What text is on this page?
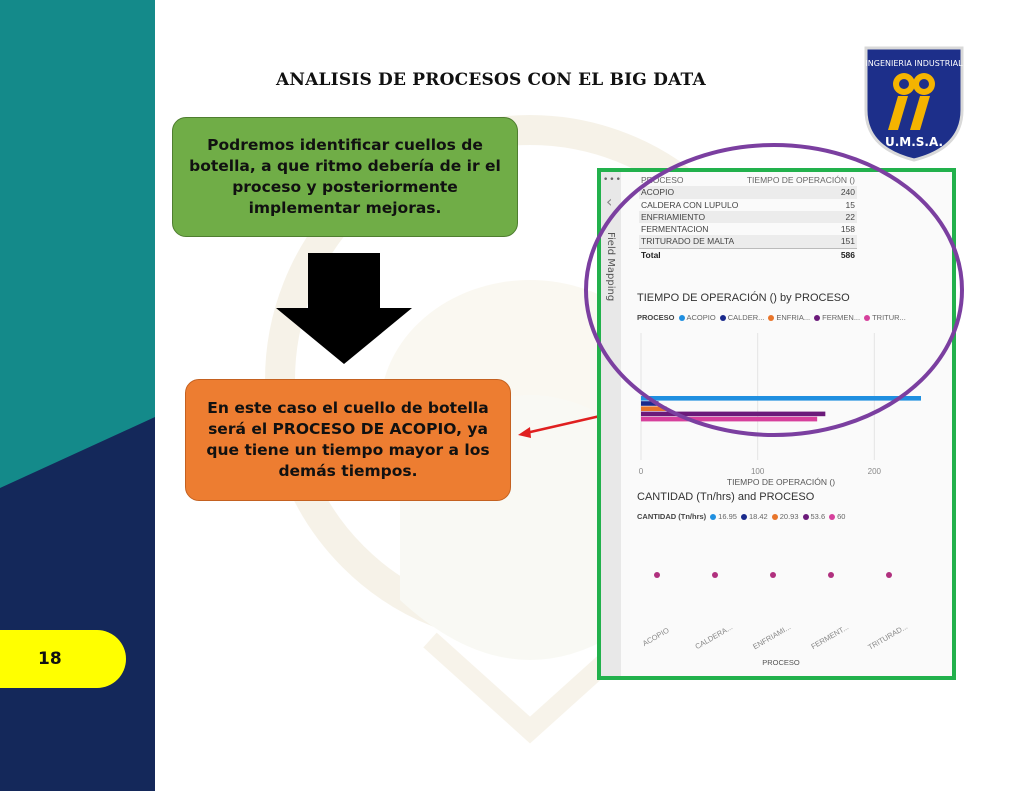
ANALISIS DE PROCESOS CON EL BIG DATA
INGENIERIA INDUSTRIAL
U.M.S.A.
Podremos identificar cuellos de botella, a que ritmo debería de ir el proceso y posteriormente implementar mejoras.
En este caso el cuello de botella será el PROCESO DE ACOPIO, ya que tiene un tiempo mayor a los demás tiempos.
18
•••
‹
Field Mapping
PROCESO	TIEMPO DE OPERACIÓN ()
ACOPIO	240
CALDERA CON LUPULO	15
ENFRIAMIENTO	22
FERMENTACION	158
TRITURADO DE MALTA	151
Total	586
TIEMPO DE OPERACIÓN () by PROCESO
PROCESO ACOPIO CALDER... ENFRIA... FERMEN... TRITUR...
0	100	200
TIEMPO DE OPERACIÓN ()
CANTIDAD (Tn/hrs) and PROCESO
CANTIDAD (Tn/hrs) 16.95 18.42 20.93 53.6 60
ACOPIO	CALDERA... ENFRIAMI... FERMENT... TRITURAD...
PROCESO
